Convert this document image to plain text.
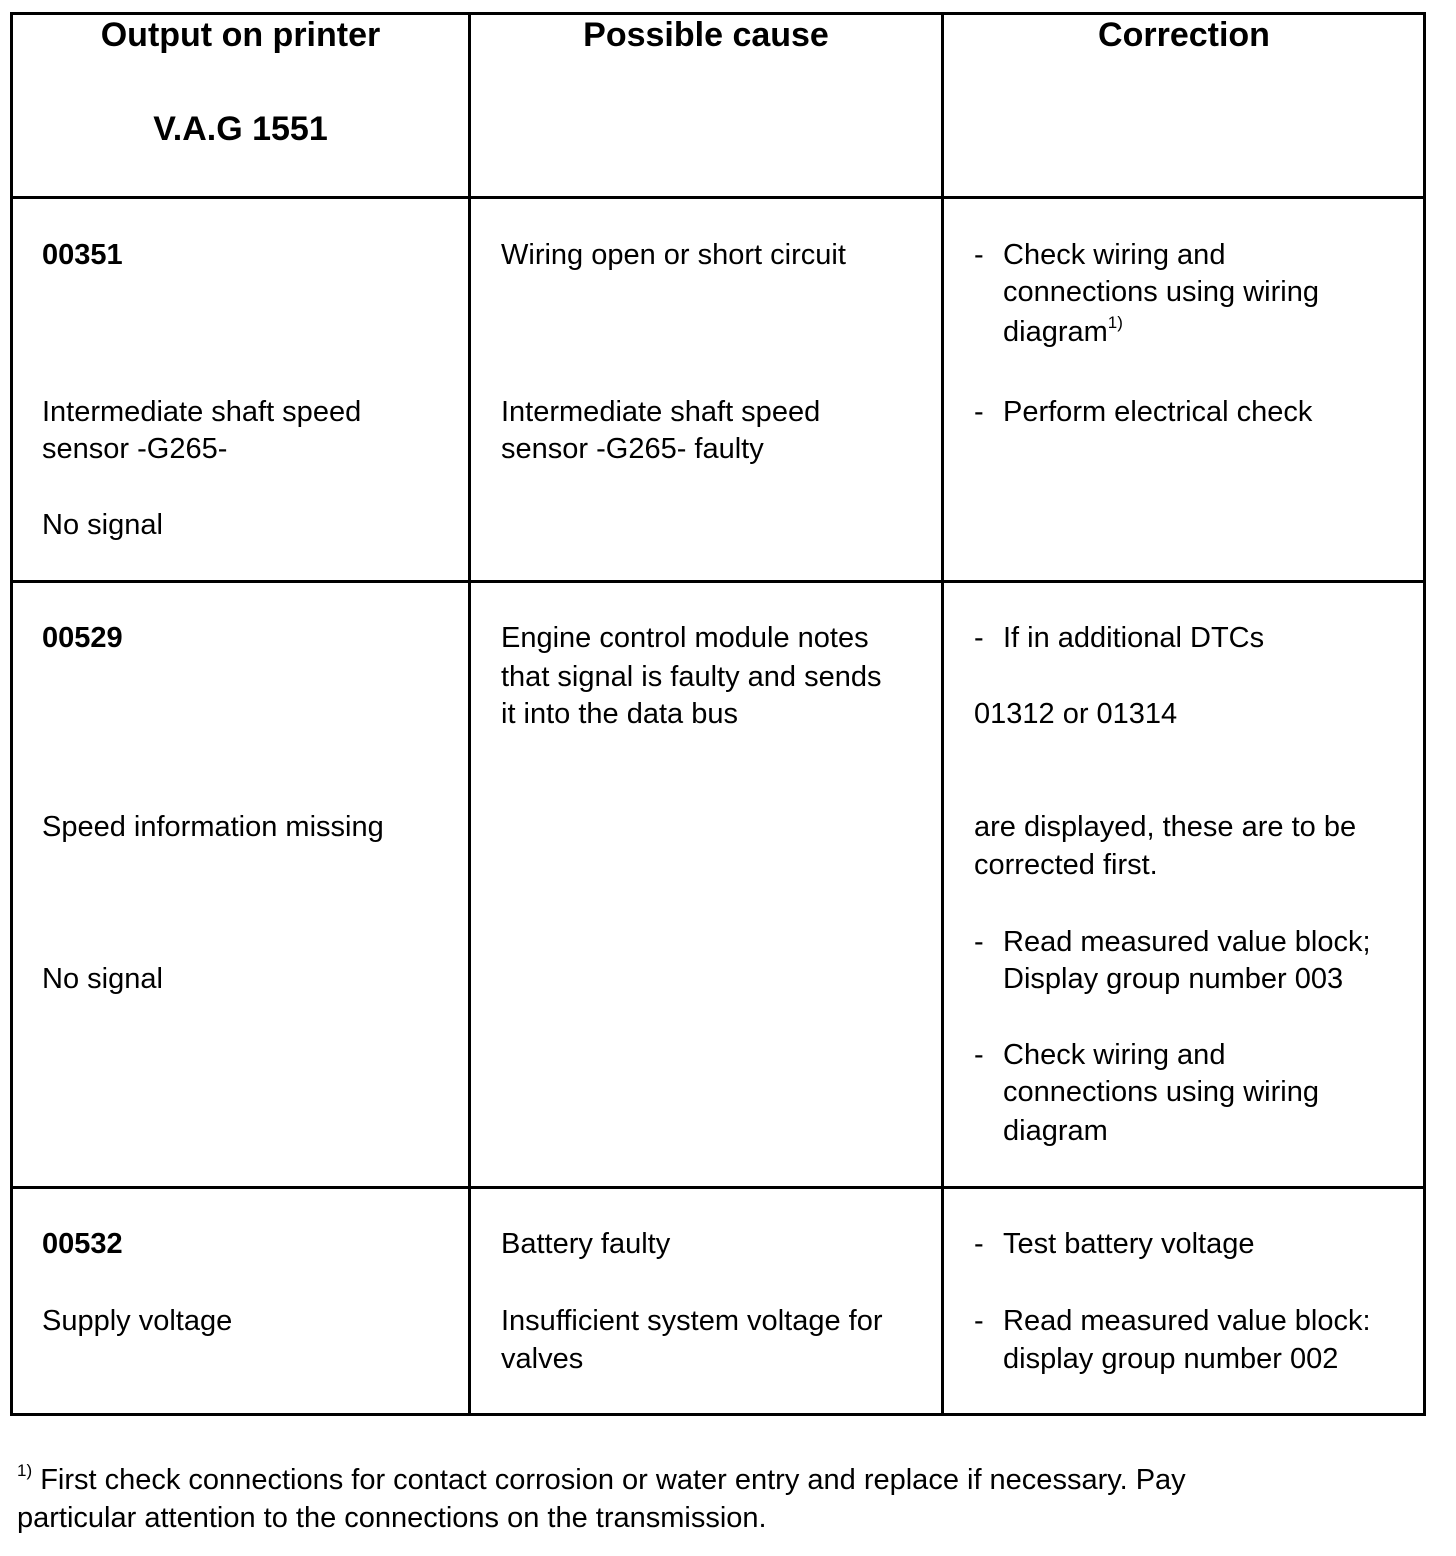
Output on printer
V.A.G 1551
Possible cause	Correction
00351
Intermediate shaft speed
sensor -G265-
No signal
Wiring open or short circuit
Intermediate shaft speed
sensor -G265- faulty
- Check wiring and
connections using wiring
diagram$^{1)}$
- Perform electrical check
00529
Speed information missing
No signal
Engine control module notes
that signal is faulty and sends
it into the data bus
- If in additional DTCs
01312 or 01314
are displayed, these are to be
corrected first.
- Read measured value block;
Display group number 003
- Check wiring and
connections using wiring
diagram
00532
Supply voltage
Battery faulty
Insufficient system voltage for
valves
- Test battery voltage
- Read measured value block:
display group number 002
$^{1)}$ First check connections for contact corrosion or water entry and replace if necessary. Pay
particular attention to the connections on the transmission.
